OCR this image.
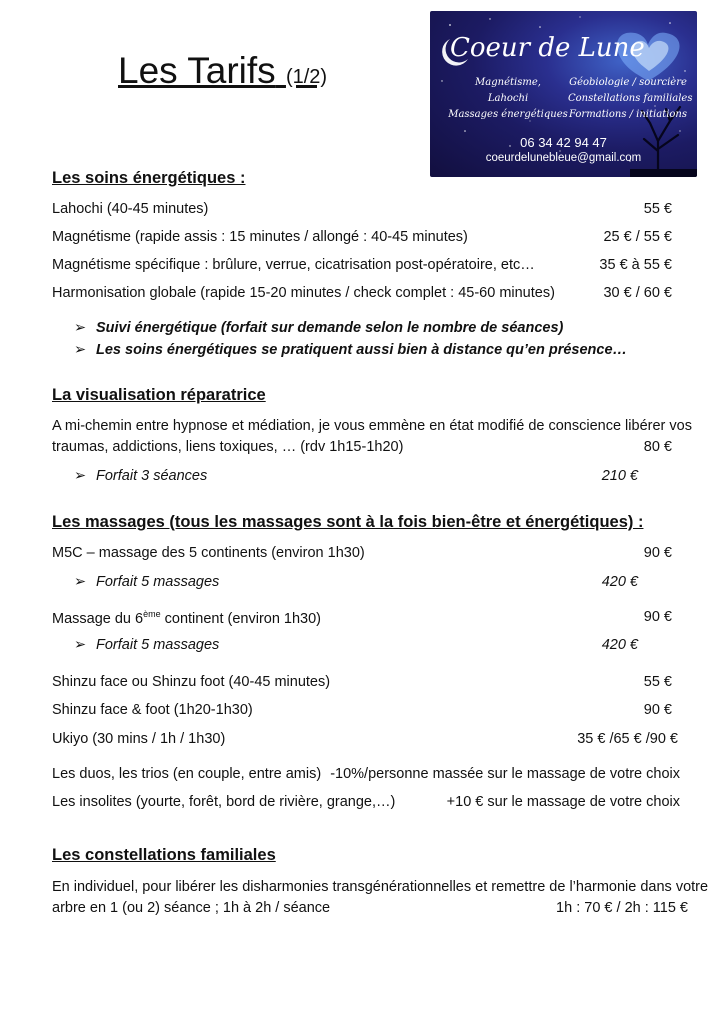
Les Tarifs (1/2)
Coeur de Lune
Magnétisme,
Lahochi
Massages énergétiques
Géobiologie / sourcière
Constellations familiales
Formations / initiations
06 34 42 94 47
coeurdelunebleue@gmail.com
Les soins énergétiques :
Lahochi (40-45 minutes)	55 €
Magnétisme (rapide assis : 15 minutes / allongé : 40-45 minutes)	25 € / 55 €
Magnétisme spécifique : brûlure, verrue, cicatrisation post-opératoire, etc…	35 € à 55 €
Harmonisation globale (rapide 15-20 minutes / check complet : 45-60 minutes)	30 € / 60 €
➢ Suivi énergétique (forfait sur demande selon le nombre de séances)
➢ Les soins énergétiques se pratiquent aussi bien à distance qu’en présence…
La visualisation réparatrice
A mi-chemin entre hypnose et médiation, je vous emmène en état modifié de conscience libérer vos
traumas, addictions, liens toxiques, … (rdv 1h15-1h20)	80 €
➢ Forfait 3 séances	210 €
Les massages (tous les massages sont à la fois bien-être et énergétiques) :
M5C – massage des 5 continents (environ 1h30)	90 €
➢ Forfait 5 massages	420 €
Massage du 6ème continent (environ 1h30)	90 €
➢ Forfait 5 massages	420 €
Shinzu face ou Shinzu foot (40-45 minutes)	55 €
Shinzu face & foot (1h20-1h30)	90 €
Ukiyo (30 mins / 1h / 1h30)	35 € /65 € /90 €
Les duos, les trios (en couple, entre amis) -10%/personne massée sur le massage de votre choix
Les insolites (yourte, forêt, bord de rivière, grange,…)	+10 € sur le massage de votre choix
Les constellations familiales
En individuel, pour libérer les disharmonies transgénérationnelles et remettre de l’harmonie dans votre
arbre en 1 (ou 2) séance ; 1h à 2h / séance	1h : 70 € / 2h : 115 €
